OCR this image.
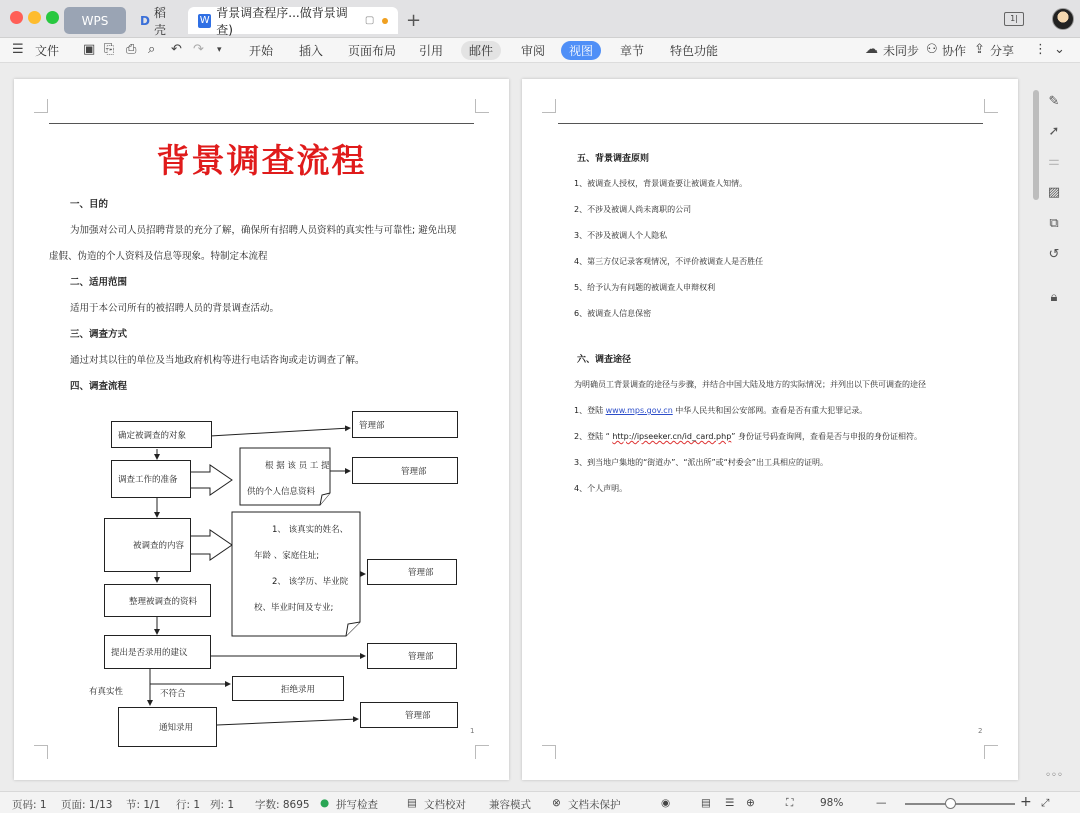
WPS	D
稻壳
W
背景调查程序...做背景调查)
▢ +	1|
☰ 文件 ▣ ⎘ ⎙ ⌕ ↶ ↷ ▾	开始	插入	页面布局	引用	邮件	审阅	视图	章节	特色功能	☁ 未同步 ⚇ 协作 ⇪ 分享 ⋮ ⌄
背景调查流程
一、目的
为加强对公司人员招聘背景的充分了解，确保所有招聘人员资料的真实性与可靠性; 避免出现
虚假、伪造的个人资料及信息等现象。特制定本流程
二、适用范围
适用于本公司所有的被招聘人员的背景调查活动。
三、调查方式
通过对其以往的单位及当地政府机构等进行电话咨询或走访调查了解。
四、调查流程
确定被调查的对象
调查工作的准备
被调查的内容
整理被调查的资料
提出是否录用的建议
通知录用
拒绝录用
管理部
管理部
管理部
管理部
管理部
根 据 该 员 工 提
供的个人信息资料
1、 该真实的姓名、
年龄 、家庭住址;
2、 该学历、毕业院
校、毕业时间及专业;
有真实性	不符合
1
五、背景调查原则
1、被调查人授权，背景调查要让被调查人知情。
2、不涉及被调人尚未离职的公司
3、不涉及被调人个人隐私
4、第三方仅记录客观情况，不评价被调查人是否胜任
5、给予认为有问题的被调查人申辩权利
6、被调查人信息保密
六、调查途径
为明确员工背景调查的途径与步骤，并结合中国大陆及地方的实际情况；并列出以下供可调查的途径
1、登陆 www.mps.gov.cn 中华人民共和国公安部网。查看是否有重大犯罪记录。
2、登陆 “ http://ipseeker.cn/id_card.php” 身份证号码查询网，查看是否与申报的身份证相符。
3、到当地户集地的“街道办”、“派出所”或“村委会”出工具相应的证明。
4、个人声明。
2
✎
➚
⚌
▨
⧉
↺
🔒︎
◦◦◦
页码: 1 页面: 1/13 节: 1/1 行: 1 列: 1 字数: 8695 ● 拼写检查	▤ 文档校对 兼容模式 ⊗ 文档未保护	◉	▤ ☰ ⊕	⛶	98%	—	+ ⤢
